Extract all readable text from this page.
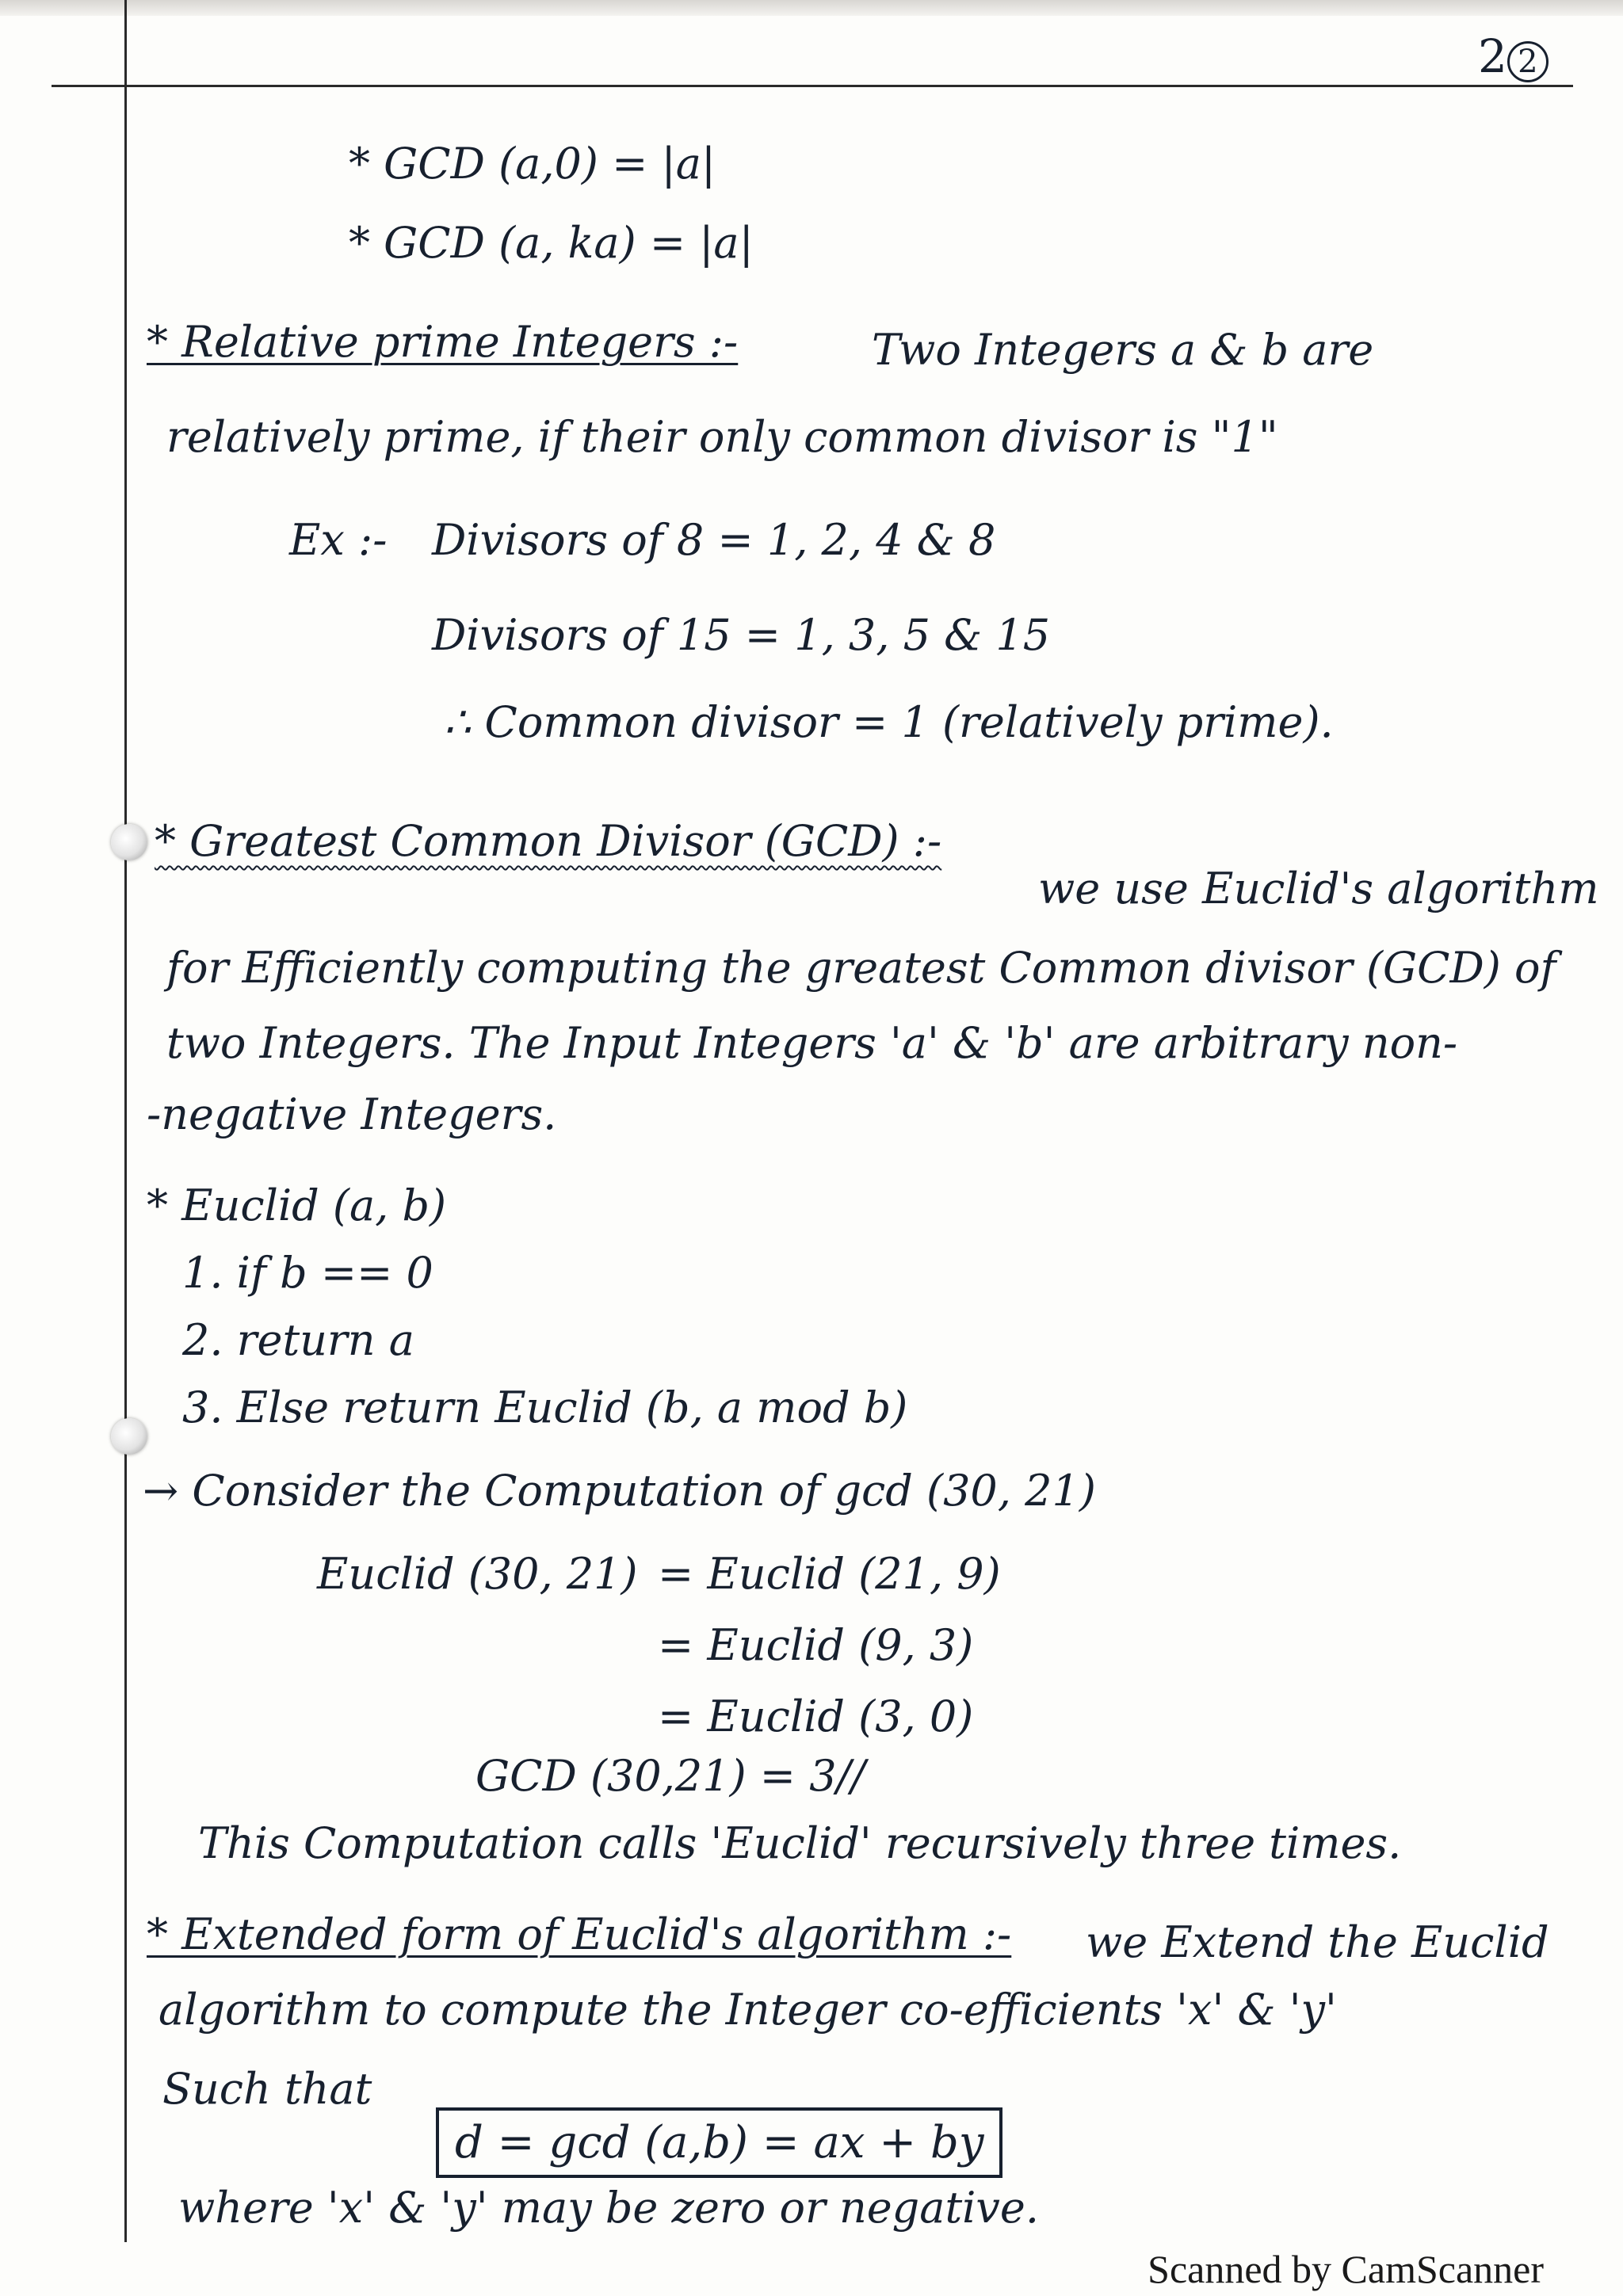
2 2
* GCD (a,0) = |a|
* GCD (a, ka) = |a|
* Relative prime Integers :-	Two Integers a & b are
relatively prime, if their only common divisor is "1"
Ex :- Divisors of 8 = 1, 2, 4 & 8
Divisors of 15 = 1, 3, 5 & 15
∴ Common divisor = 1 (relatively prime).
* Greatest Common Divisor (GCD) :-
we use Euclid's algorithm
for Efficiently computing the greatest Common divisor (GCD) of
two Integers. The Input Integers 'a' & 'b' are arbitrary non-
-negative Integers.
* Euclid (a, b)
1. if b == 0
2. return a
3. Else return Euclid (b, a mod b)
→ Consider the Computation of gcd (30, 21)
Euclid (30, 21) = Euclid (21, 9)
= Euclid (9, 3)
= Euclid (3, 0)
GCD (30,21) = 3//
This Computation calls 'Euclid' recursively three times.
* Extended form of Euclid's algorithm :- we Extend the Euclid
algorithm to compute the Integer co-efficients 'x' & 'y'
Such that
d = gcd (a,b) = ax + by
where 'x' & 'y' may be zero or negative.
Scanned by CamScanner
